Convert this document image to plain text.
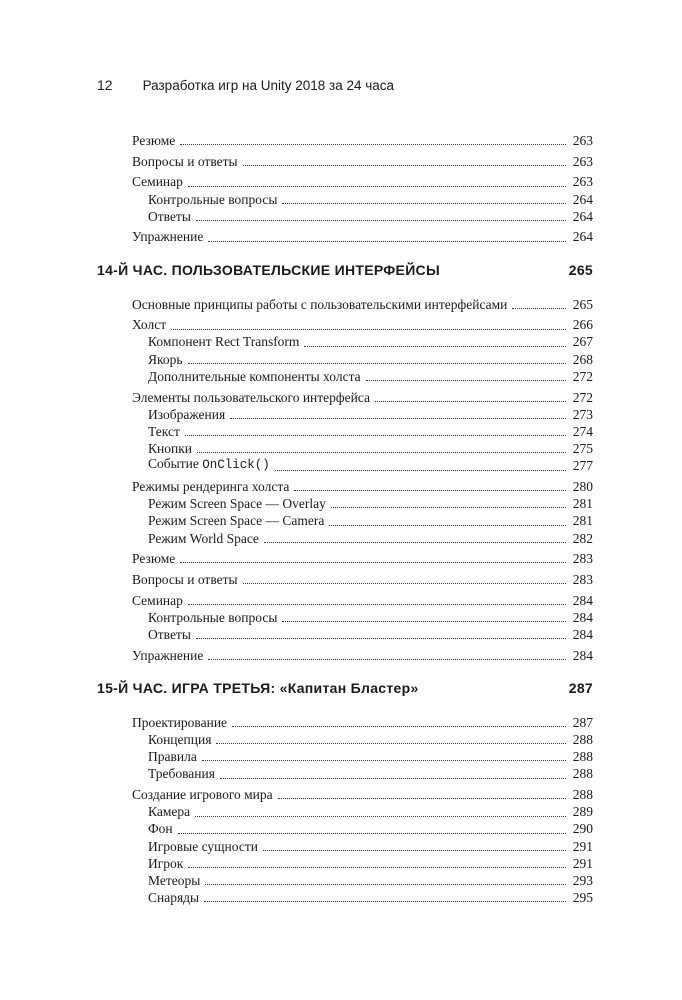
12 Разработка игр на Unity 2018 за 24 часа
Резюме	263
Вопросы и ответы	263
Семинар	263
Контрольные вопросы	264
Ответы	264
Упражнение	264
14-Й ЧАС. ПОЛЬЗОВАТЕЛЬСКИЕ ИНТЕРФЕЙСЫ	265
Основные принципы работы с пользовательскими интерфейсами	265
Холст	266
Компонент Rect Transform	267
Якорь	268
Дополнительные компоненты холста	272
Элементы пользовательского интерфейса	272
Изображения	273
Текст	274
Кнопки	275
Событие OnClick()	277
Режимы рендеринга холста	280
Режим Screen Space — Overlay	281
Режим Screen Space — Camera	281
Режим World Space	282
Резюме	283
Вопросы и ответы	283
Семинар	284
Контрольные вопросы	284
Ответы	284
Упражнение	284
15-Й ЧАС. ИГРА ТРЕТЬЯ: «Капитан Бластер»	287
Проектирование	287
Концепция	288
Правила	288
Требования	288
Создание игрового мира	288
Камера	289
Фон	290
Игровые сущности	291
Игрок	291
Метеоры	293
Снаряды	295
